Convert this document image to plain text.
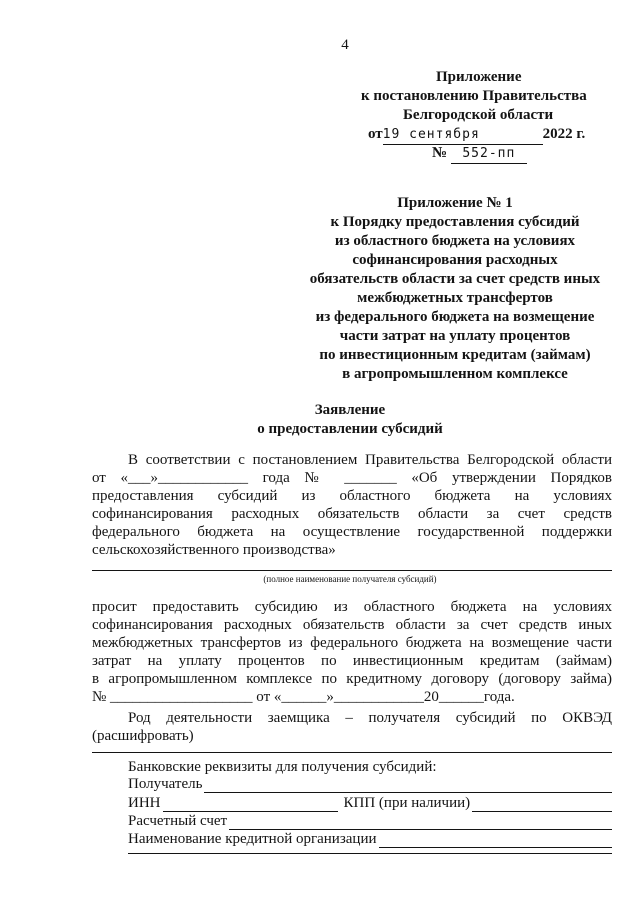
4
Приложение
к постановлению Правительства
Белгородской области
от19 сентября	2022 г.
№ 552-пп
Приложение № 1
к Порядку предоставления субсидий
из областного бюджета на условиях
софинансирования расходных
обязательств области за счет средств иных
межбюджетных трансфертов
из федерального бюджета на возмещение
части затрат на уплату процентов
по инвестиционным кредитам (займам)
в агропромышленном комплексе
Заявление
о предоставлении субсидий
В соответствии с постановлением Правительства Белгородской области
от «___»____________ года № _______ «Об утверждении Порядков
предоставления субсидий из областного бюджета на условиях
софинансирования расходных обязательств области за счет средств
федерального бюджета на осуществление государственной поддержки
сельскохозяйственного производства»
(полное наименование получателя субсидий)
просит предоставить субсидию из областного бюджета на условиях
софинансирования расходных обязательств области за счет средств иных
межбюджетных трансфертов из федерального бюджета на возмещение части
затрат на уплату процентов по инвестиционным кредитам (займам)
в агропромышленном комплексе по кредитному договору (договору займа)
№ ___________________ от «______»____________20______года.
Род деятельности заемщика – получателя субсидий по ОКВЭД
(расшифровать)
Банковские реквизиты для получения субсидий:
Получатель
ИНН	КПП (при наличии)
Расчетный счет
Наименование кредитной организации
